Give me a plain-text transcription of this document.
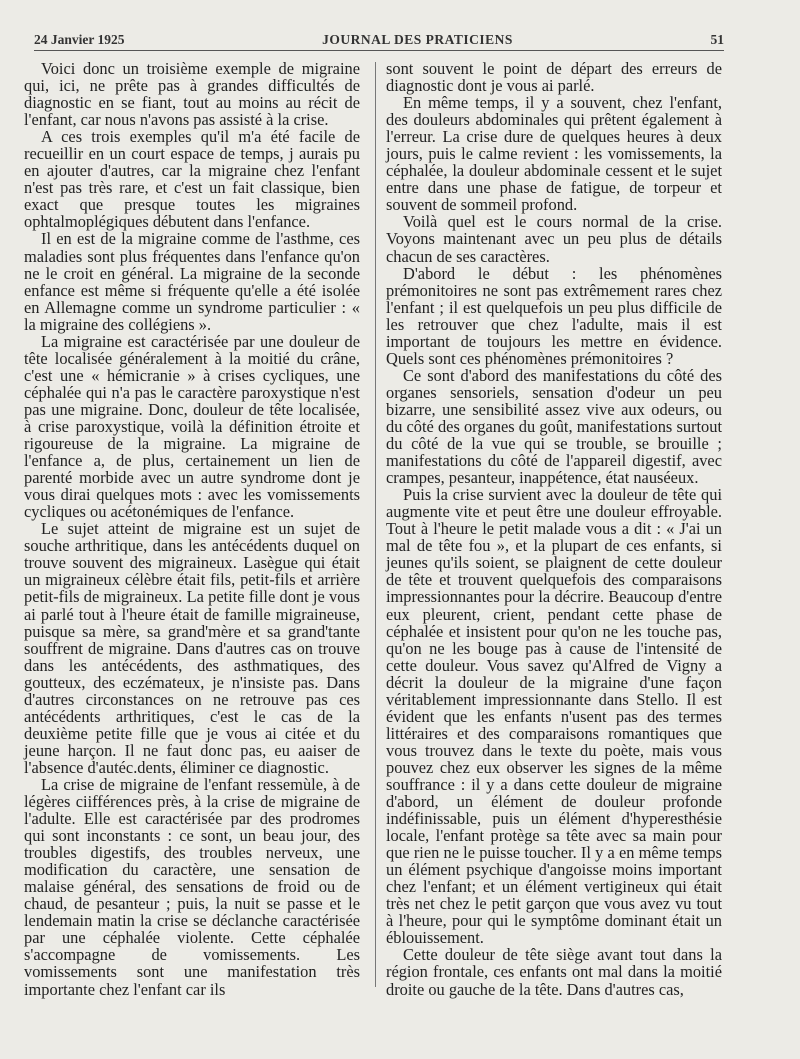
24 Janvier 1925	JOURNAL DES PRATICIENS	51

Voici donc un troisième exemple de migraine qui, ici, ne prête pas à grandes difficultés de diagnostic en se fiant, tout au moins au récit de l'enfant, car nous n'avons pas assisté à la crise.

A ces trois exemples qu'il m'a été facile de recueillir en un court espace de temps, j aurais pu en ajouter d'autres, car la migraine chez l'enfant n'est pas très rare, et c'est un fait classique, bien exact que presque toutes les migraines ophtalmoplégiques débutent dans l'enfance.

Il en est de la migraine comme de l'asthme, ces maladies sont plus fréquentes dans l'enfance qu'on ne le croit en général. La migraine de la seconde enfance est même si fréquente qu'elle a été isolée en Allemagne comme un syndrome particulier : « la migraine des collégiens ».

La migraine est caractérisée par une douleur de tête localisée généralement à la moitié du crâne, c'est une « hémicranie » à crises cycliques, une céphalée qui n'a pas le caractère paroxystique n'est pas une migraine. Donc, douleur de tête localisée, à crise paroxystique, voilà la définition étroite et rigoureuse de la migraine. La migraine de l'enfance a, de plus, certainement un lien de parenté morbide avec un autre syndrome dont je vous dirai quelques mots : avec les vomissements cycliques ou acétonémiques de l'enfance.

Le sujet atteint de migraine est un sujet de souche arthritique, dans les antécédents duquel on trouve souvent des migraineux. Lasègue qui était un migraineux célèbre était fils, petit-fils et arrière petit-fils de migraineux. La petite fille dont je vous ai parlé tout à l'heure était de famille migraineuse, puisque sa mère, sa grand'mère et sa grand'tante souffrent de migraine. Dans d'autres cas on trouve dans les antécédents, des asthmatiques, des goutteux, des eczémateux, je n'insiste pas. Dans d'autres circonstances on ne retrouve pas ces antécédents arthritiques, c'est le cas de la deuxième petite fille que je vous ai citée et du jeune harçon. Il ne faut donc pas, eu aaiser de l'absence d'autéc.dents, éliminer ce diagnostic.

La crise de migraine de l'enfant ressemùle, à de légères ciifférences près, à la crise de migraine de l'adulte. Elle est caractérisée par des prodromes qui sont inconstants : ce sont, un beau jour, des troubles digestifs, des troubles nerveux, une modification du caractère, une sensation de malaise général, des sensations de froid ou de chaud, de pesanteur ; puis, la nuit se passe et le lendemain matin la crise se déclanche caractérisée par une céphalée violente. Cette céphalée s'accompagne de vomissements. Les vomissements sont une manifestation très importante chez l'enfant car ils

sont souvent le point de départ des erreurs de diagnostic dont je vous ai parlé.

En même temps, il y a souvent, chez l'enfant, des douleurs abdominales qui prêtent également à l'erreur. La crise dure de quelques heures à deux jours, puis le calme revient : les vomissements, la céphalée, la douleur abdominale cessent et le sujet entre dans une phase de fatigue, de torpeur et souvent de sommeil profond.

Voilà quel est le cours normal de la crise. Voyons maintenant avec un peu plus de détails chacun de ses caractères.

D'abord le début : les phénomènes prémonitoires ne sont pas extrêmement rares chez l'enfant ; il est quelquefois un peu plus difficile de les retrouver que chez l'adulte, mais il est important de toujours les mettre en évidence. Quels sont ces phénomènes prémonitoires ?

Ce sont d'abord des manifestations du côté des organes sensoriels, sensation d'odeur un peu bizarre, une sensibilité assez vive aux odeurs, ou du côté des organes du goût, manifestations surtout du côté de la vue qui se trouble, se brouille ; manifestations du côté de l'appareil digestif, avec crampes, pesanteur, inappétence, état nauséeux.

Puis la crise survient avec la douleur de tête qui augmente vite et peut être une douleur effroyable. Tout à l'heure le petit malade vous a dit : « J'ai un mal de tête fou », et la plupart de ces enfants, si jeunes qu'ils soient, se plaignent de cette douleur de tête et trouvent quelquefois des comparaisons impressionnantes pour la décrire. Beaucoup d'entre eux pleurent, crient, pendant cette phase de céphalée et insistent pour qu'on ne les touche pas, qu'on ne les bouge pas à cause de l'intensité de cette douleur. Vous savez qu'Alfred de Vigny a décrit la douleur de la migraine d'une façon véritablement impressionnante dans Stello. Il est évident que les enfants n'usent pas des termes littéraires et des comparaisons romantiques que vous trouvez dans le texte du poète, mais vous pouvez chez eux observer les signes de la même souffrance : il y a dans cette douleur de migraine d'abord, un élément de douleur profonde indéfinissable, puis un élément d'hyperesthésie locale, l'enfant protège sa tête avec sa main pour que rien ne le puisse toucher. Il y a en même temps un élément psychique d'angoisse moins important chez l'enfant; et un élément vertigineux qui était très net chez le petit garçon que vous avez vu tout à l'heure, pour qui le symptôme dominant était un éblouissement.

Cette douleur de tête siège avant tout dans la région frontale, ces enfants ont mal dans la moitié droite ou gauche de la tête. Dans d'autres cas,
